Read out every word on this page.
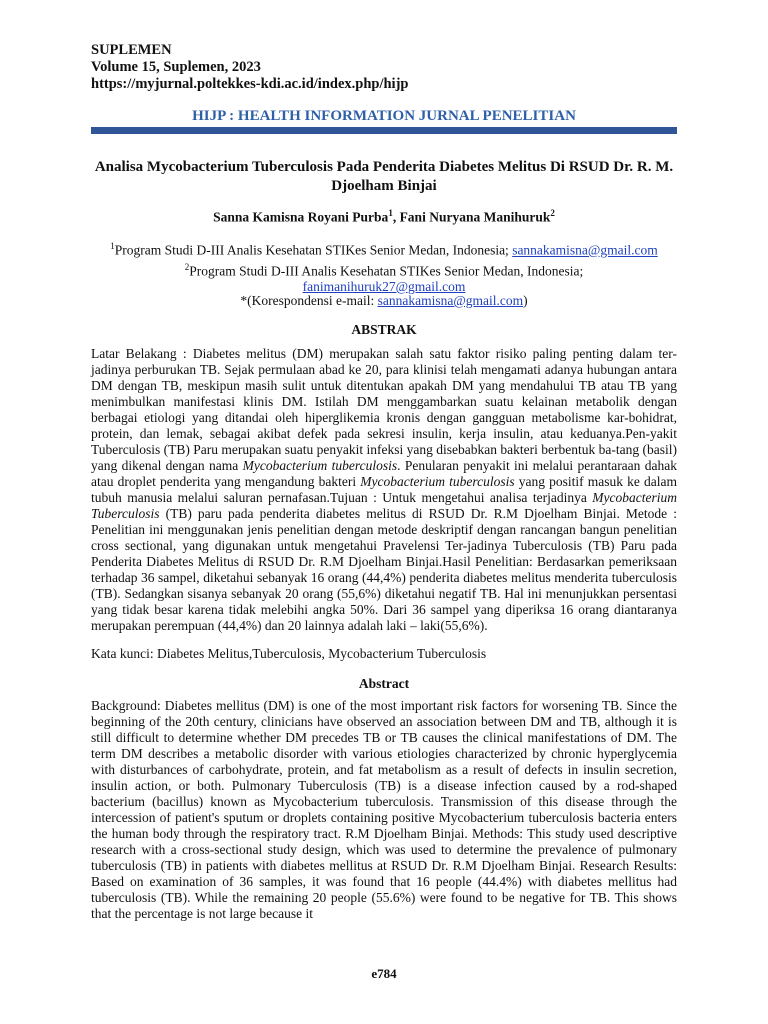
SUPLEMEN
Volume 15, Suplemen, 2023
https://myjurnal.poltekkes-kdi.ac.id/index.php/hijp
HIJP : HEALTH INFORMATION JURNAL PENELITIAN
Analisa Mycobacterium Tuberculosis Pada Penderita Diabetes Melitus Di RSUD Dr. R. M. Djoelham Binjai
Sanna Kamisna Royani Purba$^1$, Fani Nuryana Manihuruk$^2$
$^1$Program Studi D-III Analis Kesehatan STIKes Senior Medan, Indonesia; sannakamisna@gmail.com
$^2$Program Studi D-III Analis Kesehatan STIKes Senior Medan, Indonesia;
fanimanihuruk27@gmail.com
*(Korespondensi e-mail: sannakamisna@gmail.com)
ABSTRAK

Latar Belakang : Diabetes melitus (DM) merupakan salah satu faktor risiko paling penting dalam ter-jadinya perburukan TB. Sejak permulaan abad ke 20, para klinisi telah mengamati adanya hubungan antara DM dengan TB, meskipun masih sulit untuk ditentukan apakah DM yang mendahului TB atau TB yang menimbulkan manifestasi klinis DM. Istilah DM menggambarkan suatu kelainan metabolik dengan berbagai etiologi yang ditandai oleh hiperglikemia kronis dengan gangguan metabolisme kar-bohidrat, protein, dan lemak, sebagai akibat defek pada sekresi insulin, kerja insulin, atau keduanya.Pen-yakit Tuberculosis (TB) Paru merupakan suatu penyakit infeksi yang disebabkan bakteri berbentuk ba-tang (basil) yang dikenal dengan nama Mycobacterium tuberculosis. Penularan penyakit ini melalui perantaraan dahak atau droplet penderita yang mengandung bakteri Mycobacterium tuberculosis yang positif masuk ke dalam tubuh manusia melalui saluran pernafasan.Tujuan : Untuk mengetahui analisa terjadinya Mycobacterium Tuberculosis (TB) paru pada penderita diabetes melitus di RSUD Dr. R.M Djoelham Binjai. Metode : Penelitian ini menggunakan jenis penelitian dengan metode deskriptif dengan rancangan bangun penelitian cross sectional, yang digunakan untuk mengetahui Pravelensi Ter-jadinya Tuberculosis (TB) Paru pada Penderita Diabetes Melitus di RSUD Dr. R.M Djoelham Binjai.Hasil Penelitian: Berdasarkan pemeriksaan terhadap 36 sampel, diketahui sebanyak 16 orang (44,4%) penderita diabetes melitus menderita tuberculosis (TB). Sedangkan sisanya sebanyak 20 orang (55,6%) diketahui negatif TB. Hal ini menunjukkan persentasi yang tidak besar karena tidak melebihi angka 50%. Dari 36 sampel yang diperiksa 16 orang diantaranya merupakan perempuan (44,4%) dan 20 lainnya adalah laki – laki(55,6%).

Kata kunci: Diabetes Melitus,Tuberculosis, Mycobacterium Tuberculosis
Abstract

Background: Diabetes mellitus (DM) is one of the most important risk factors for worsening TB. Since the beginning of the 20th century, clinicians have observed an association between DM and TB, although it is still difficult to determine whether DM precedes TB or TB causes the clinical manifestations of DM. The term DM describes a metabolic disorder with various etiologies characterized by chronic hyperglycemia with disturbances of carbohydrate, protein, and fat metabolism as a result of defects in insulin secretion, insulin action, or both. Pulmonary Tuberculosis (TB) is a disease infection caused by a rod-shaped bacterium (bacillus) known as Mycobacterium tuberculosis. Transmission of this disease through the intercession of patient's sputum or droplets containing positive Mycobacterium tuberculosis bacteria enters the human body through the respiratory tract. R.M Djoelham Binjai. Methods: This study used descriptive research with a cross-sectional study design, which was used to determine the prevalence of pulmonary tuberculosis (TB) in patients with diabetes mellitus at RSUD Dr. R.M Djoelham Binjai. Research Results: Based on examination of 36 samples, it was found that 16 people (44.4%) with diabetes mellitus had tuberculosis (TB). While the remaining 20 people (55.6%) were found to be negative for TB. This shows that the percentage is not large because it

e784
